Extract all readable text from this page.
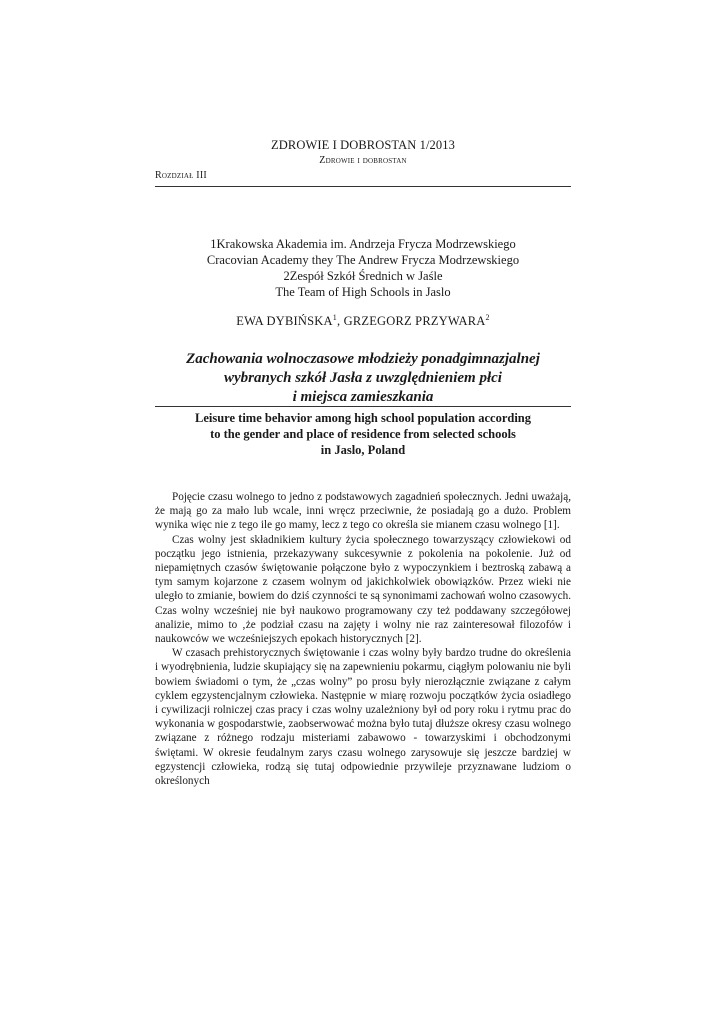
ZDROWIE I DOBROSTAN 1/2013
Zdrowie i dobrostan
Rozdział III
1Krakowska Akademia im. Andrzeja Frycza Modrzewskiego
Cracovian Academy they The Andrew Frycza Modrzewskiego
2Zespół Szkół Średnich w Jaśle
The Team of High Schools in Jaslo
EWA DYBIŃSKA$^1$, GRZEGORZ PRZYWARA$^2$
Zachowania wolnoczasowe młodzieży ponadgimnazjalnej
wybranych szkół Jasła z uwzględnieniem płci
i miejsca zamieszkania
Leisure time behavior among high school population according
to the gender and place of residence from selected schools
in Jaslo, Poland

Pojęcie czasu wolnego to jedno z podstawowych zagadnień społecznych. Jedni uważają, że mają go za mało lub wcale, inni wręcz przeciwnie, że posiadają go a dużo. Problem wynika więc nie z tego ile go mamy, lecz z tego co określa sie mianem czasu wolnego [1].

Czas wolny jest składnikiem kultury życia społecznego towarzyszący człowiekowi od początku jego istnienia, przekazywany sukcesywnie z pokolenia na pokolenie. Już od niepamiętnych czasów świętowanie połączone było z wypoczynkiem i beztroską zabawą a tym samym kojarzone z czasem wolnym od jakichkolwiek obowiązków. Przez wieki nie uległo to zmianie, bowiem do dziś czynności te są synonimami zachowań wolno czasowych. Czas wolny wcześniej nie był naukowo programowany czy też poddawany szczegółowej analizie, mimo to ‚że podział czasu na zajęty i wolny nie raz zainteresował filozofów i naukowców we wcześniejszych epokach historycznych [2].

W czasach prehistorycznych świętowanie i czas wolny były bardzo trudne do określenia i wyodrębnienia, ludzie skupiający się na zapewnieniu pokarmu, ciągłym polowaniu nie byli bowiem świadomi o tym, że „czas wolny” po prosu były nierozłącznie związane z całym cyklem egzystencjalnym człowieka. Następnie w miarę rozwoju początków życia osiadłego i cywilizacji rolniczej czas pracy i czas wolny uzależniony był od pory roku i rytmu prac do wykonania w gospodarstwie, zaobserwować można było tutaj dłuższe okresy czasu wolnego związane z różnego rodzaju misteriami zabawowo - towarzyskimi i obchodzonymi świętami. W okresie feudalnym zarys czasu wolnego zarysowuje się jeszcze bardziej w egzystencji człowieka, rodzą się tutaj odpowiednie przywileje przyznawane ludziom o określonych
